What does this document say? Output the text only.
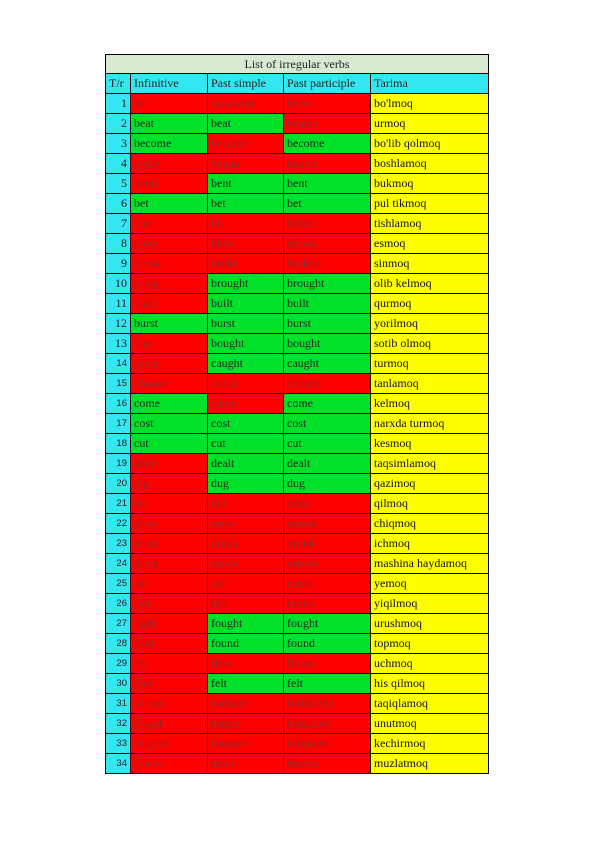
List of irregular verbs				
T/r	Infinitive	Past simple	Past participle	Tarima
1	be	was/were	been	bo'lmoq
2	beat	beat	beaten	urmoq
3	become	became	become	bo'lib qolmoq
4	begin	began	begun	boshlamoq
5	bend	bent	bent	bukmoq
6	bet	bet	bet	pul tikmoq
7	bite	bit	bitten	tishlamoq
8	blow	blew	blown	esmoq
9	break	broke	broken	sinmoq
10	bring	brought	brought	olib kelmoq
11	build	built	built	qurmoq
12	burst	burst	burst	yorilmoq
13	buy	bought	bought	sotib olmoq
14	catch	caught	caught	turmoq
15	choose	chose	chosen	tanlamoq
16	come	came	come	kelmoq
17	cost	cost	cost	narxda turmoq
18	cut	cut	cut	kesmoq
19	deal	dealt	dealt	taqsimlamoq
20	dig	dug	dug	qazimoq
21	do	did	done	qilmoq
22	draw	drew	drawn	chiqmoq
23	drink	drank	drunk	ichmoq
24	drive	drove	driven	mashina haydamoq
25	eat	ate	eaten	yemoq
26	fall	fell	fallen	yiqilmoq
27	fight	fought	fought	urushmoq
28	find	found	found	topmoq
29	fly	flew	flown	uchmoq
30	feel	felt	felt	his qilmoq
31	forbid	forbade	forbidden	taqiqlamoq
32	forget	forgot	forgotten	unutmoq
33	forgive	forgave	forgiven	kechirmoq
34	freeze	froze	frozen	muzlatmoq
